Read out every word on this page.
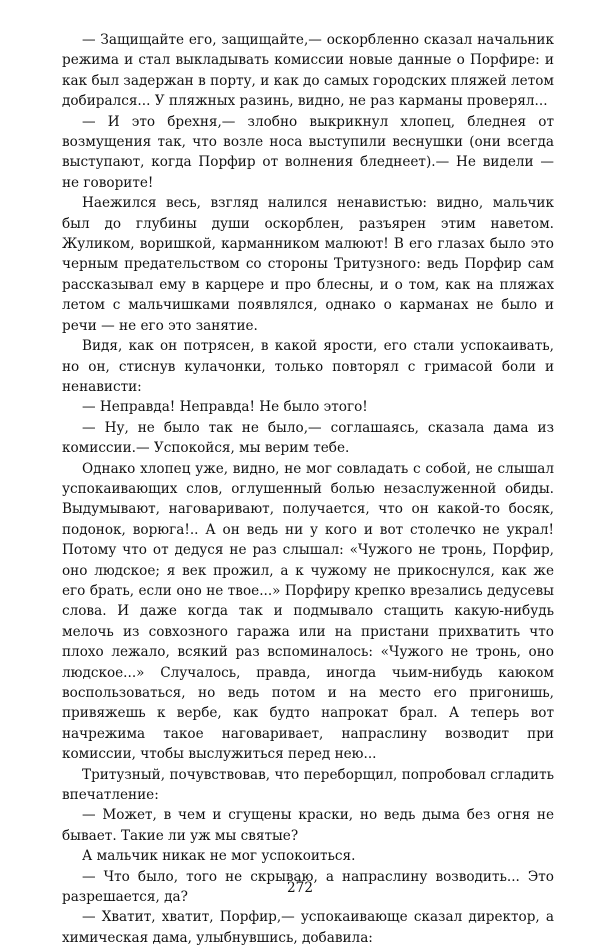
— Защищайте его, защищайте,— оскорбленно сказал начальник режима и стал выкладывать комиссии новые данные о Порфире: и как был задержан в порту, и как до самых городских пляжей летом добирался... У пляжных разинь, видно, не раз карманы проверял...

— И это брехня,— злобно выкрикнул хлопец, бледнея от возмущения так, что возле носа выступили веснушки (они всегда выступают, когда Порфир от волнения бледнеет).— Не видели — не говорите!

Наежился весь, взгляд налился ненавистью: видно, мальчик был до глубины души оскорблен, разъярен этим наветом. Жуликом, воришкой, карманником малюют! В его глазах было это черным предательством со стороны Тритузного: ведь Порфир сам рассказывал ему в карцере и про блесны, и о том, как на пляжах летом с мальчишками появлялся, однако о карманах не было и речи — не его это занятие.

Видя, как он потрясен, в какой ярости, его стали успокаивать, но он, стиснув кулачонки, только повторял с гримасой боли и ненависти:

— Неправда! Неправда! Не было этого!

— Ну, не было так не было,— соглашаясь, сказала дама из комиссии.— Успокойся, мы верим тебе.

Однако хлопец уже, видно, не мог совладать с собой, не слышал успокаивающих слов, оглушенный болью незаслуженной обиды. Выдумывают, наговаривают, получается, что он какой-то босяк, подонок, ворюга!.. А он ведь ни у кого и вот столечко не украл! Потому что от дедуся не раз слышал: «Чужого не тронь, Порфир, оно людское; я век прожил, а к чужому не прикоснулся, как же его брать, если оно не твое...» Порфиру крепко врезались дедусевы слова. И даже когда так и подмывало стащить какую-нибудь мелочь из совхозного гаража или на пристани прихватить что плохо лежало, всякий раз вспоминалось: «Чужого не тронь, оно людское...» Случалось, правда, иногда чьим-нибудь каюком воспользоваться, но ведь потом и на место его пригонишь, привяжешь к вербе, как будто напрокат брал. А теперь вот начрежима такое наговаривает, напраслину возводит при комиссии, чтобы выслужиться перед нею...

Тритузный, почувствовав, что переборщил, попробовал сгладить впечатление:

— Может, в чем и сгущены краски, но ведь дыма без огня не бывает. Такие ли уж мы святые?

А мальчик никак не мог успокоиться.

— Что было, того не скрываю, а напраслину возводить... Это разрешается, да?

— Хватит, хватит, Порфир,— успокаивающе сказал директор, а химическая дама, улыбнувшись, добавила:

272
